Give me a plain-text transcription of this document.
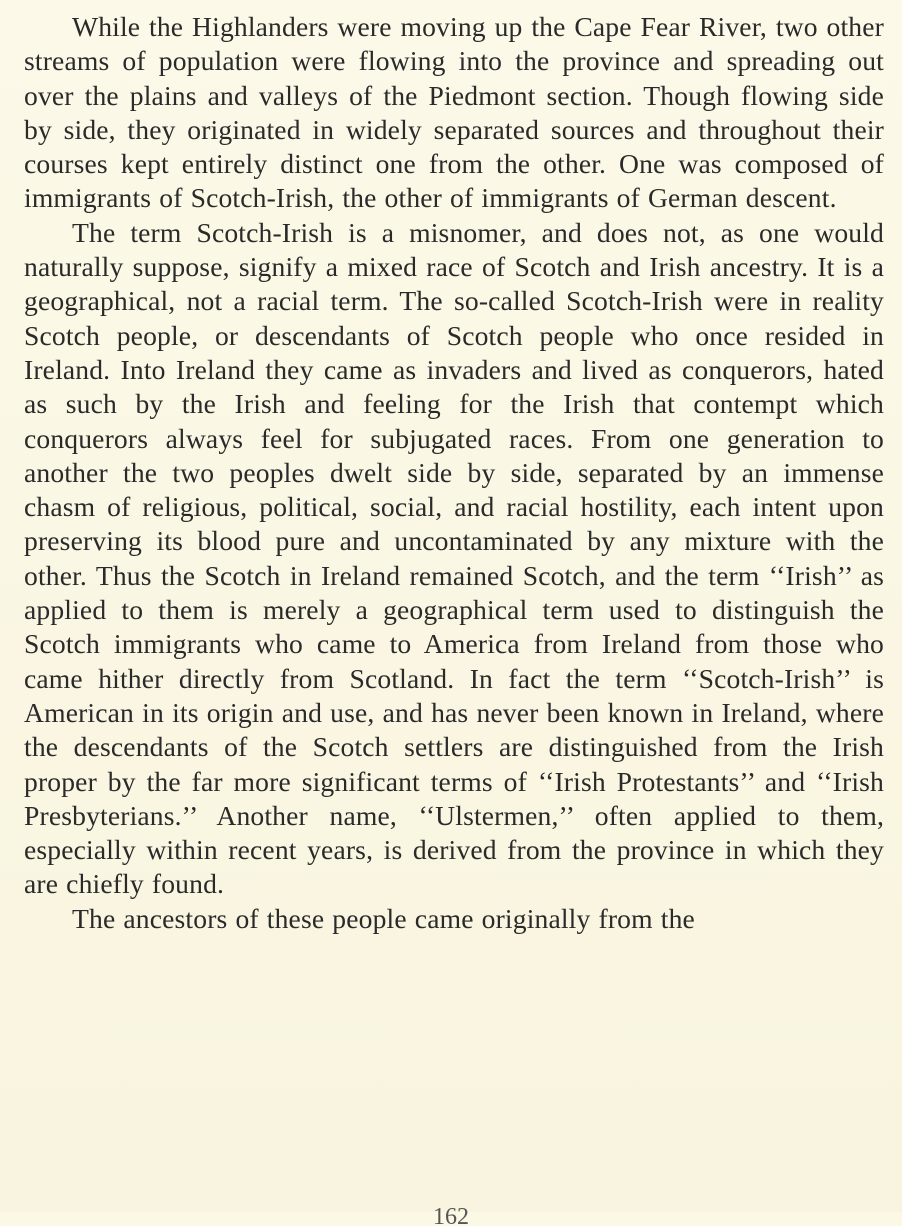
While the Highlanders were moving up the Cape Fear River, two other streams of population were flowing into the province and spreading out over the plains and valleys of the Piedmont section. Though flowing side by side, they originated in widely separated sources and throughout their courses kept entirely distinct one from the other. One was composed of immigrants of Scotch-Irish, the other of immigrants of German descent.

The term Scotch-Irish is a misnomer, and does not, as one would naturally suppose, signify a mixed race of Scotch and Irish ancestry. It is a geographical, not a racial term. The so-called Scotch-Irish were in reality Scotch people, or descendants of Scotch people who once resided in Ireland. Into Ireland they came as invaders and lived as conquerors, hated as such by the Irish and feeling for the Irish that contempt which conquerors always feel for subjugated races. From one generation to another the two peoples dwelt side by side, separated by an immense chasm of religious, political, social, and racial hostility, each intent upon preserving its blood pure and uncontaminated by any mixture with the other. Thus the Scotch in Ireland remained Scotch, and the term ‘‘Irish’’ as applied to them is merely a geographical term used to distinguish the Scotch immigrants who came to America from Ireland from those who came hither directly from Scotland. In fact the term ‘‘Scotch-Irish’’ is American in its origin and use, and has never been known in Ireland, where the descendants of the Scotch settlers are distinguished from the Irish proper by the far more significant terms of ‘‘Irish Protestants’’ and ‘‘Irish Presbyterians.’’ Another name, ‘‘Ulstermen,’’ often applied to them, especially within recent years, is derived from the province in which they are chiefly found.

The ancestors of these people came originally from the

162
